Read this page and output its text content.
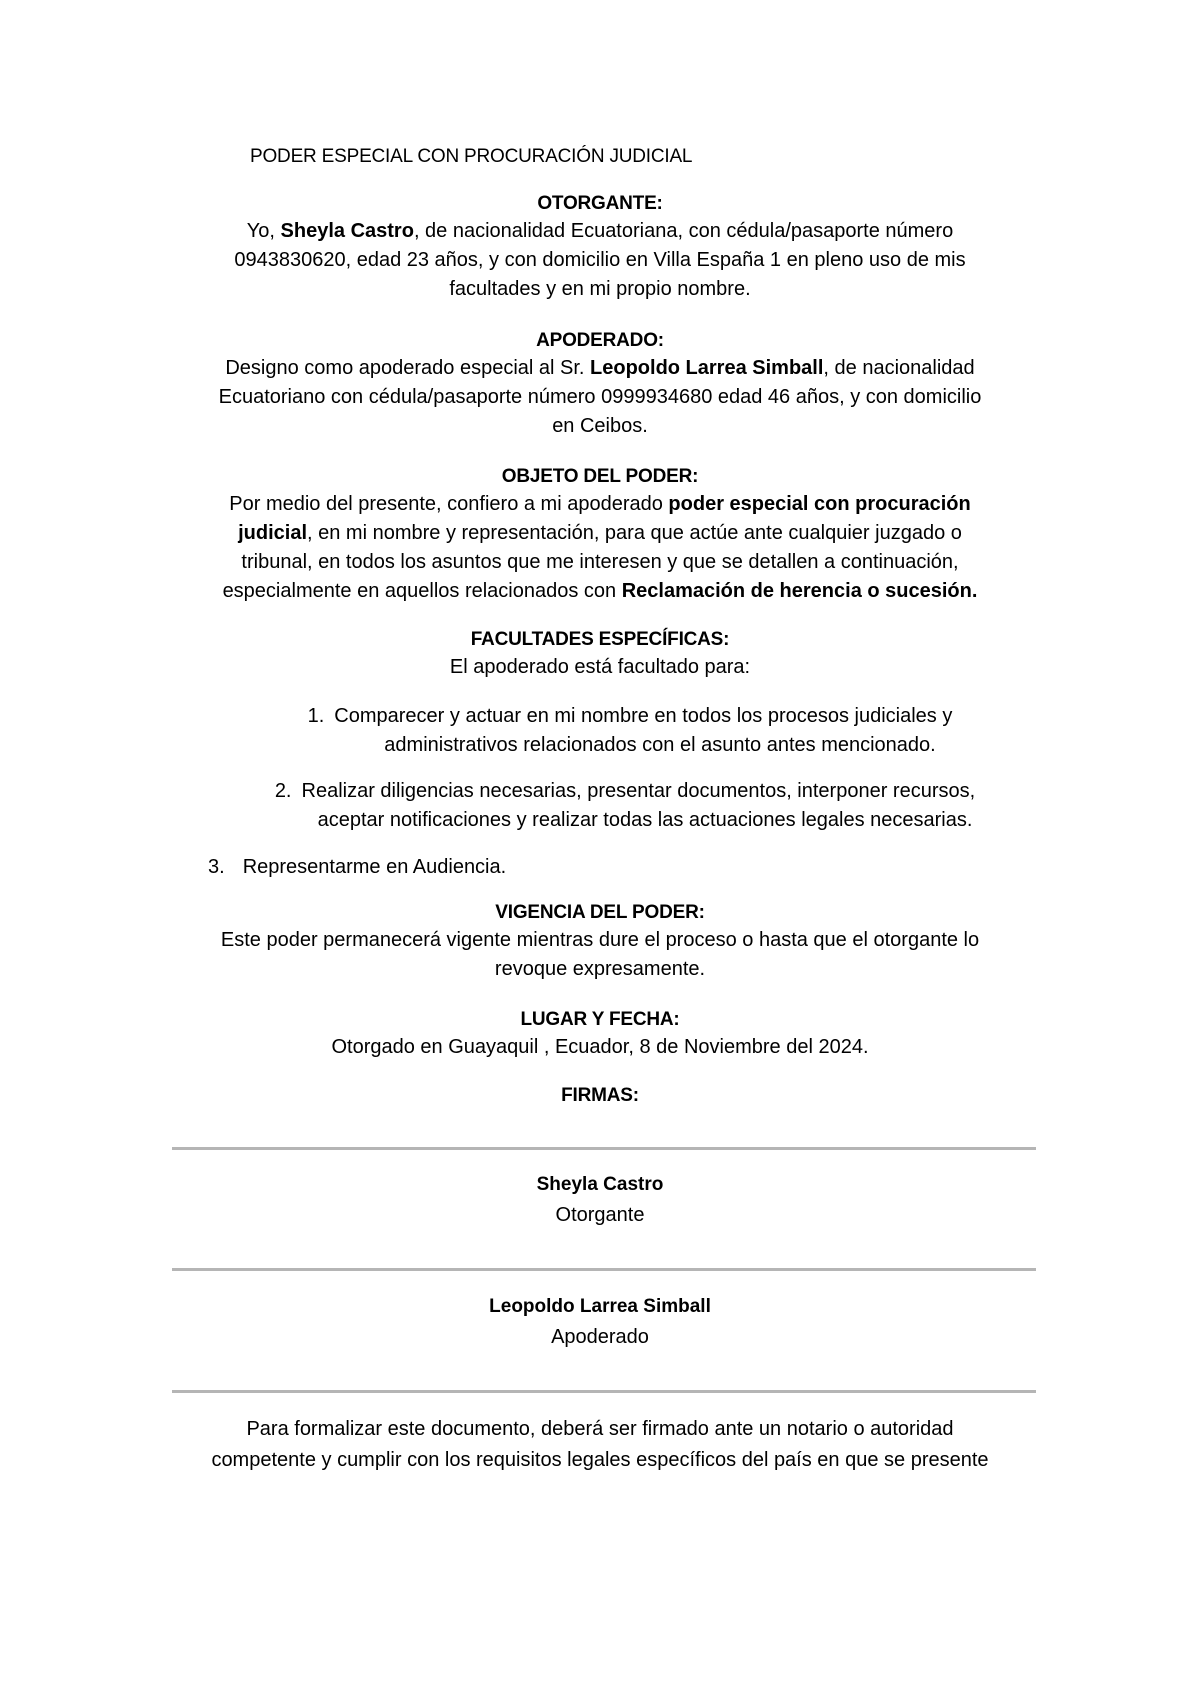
PODER ESPECIAL CON PROCURACIÓN JUDICIAL

OTORGANTE:

Yo, Sheyla Castro, de nacionalidad Ecuatoriana, con cédula/pasaporte número

0943830620, edad 23 años, y con domicilio en Villa España 1 en pleno uso de mis

facultades y en mi propio nombre.

APODERADO:

Designo como apoderado especial al Sr. Leopoldo Larrea Simball, de nacionalidad

Ecuatoriano con cédula/pasaporte número 0999934680 edad 46 años, y con domicilio

en Ceibos.

OBJETO DEL PODER:

Por medio del presente, confiero a mi apoderado poder especial con procuración

judicial, en mi nombre y representación, para que actúe ante cualquier juzgado o

tribunal, en todos los asuntos que me interesen y que se detallen a continuación,

especialmente en aquellos relacionados con Reclamación de herencia o sucesión.

FACULTADES ESPECÍFICAS:

El apoderado está facultado para:

1. Comparecer y actuar en mi nombre en todos los procesos judiciales y
administrativos relacionados con el asunto antes mencionado.
2. Realizar diligencias necesarias, presentar documentos, interponer recursos,
aceptar notificaciones y realizar todas las actuaciones legales necesarias.
3. Representarme en Audiencia.

VIGENCIA DEL PODER:

Este poder permanecerá vigente mientras dure el proceso o hasta que el otorgante lo

revoque expresamente.

LUGAR Y FECHA:

Otorgado en Guayaquil , Ecuador, 8 de Noviembre del 2024.

FIRMAS:

Sheyla Castro
Otorgante
Leopoldo Larrea Simball
Apoderado
Para formalizar este documento, deberá ser firmado ante un notario o autoridad
competente y cumplir con los requisitos legales específicos del país en que se presente
